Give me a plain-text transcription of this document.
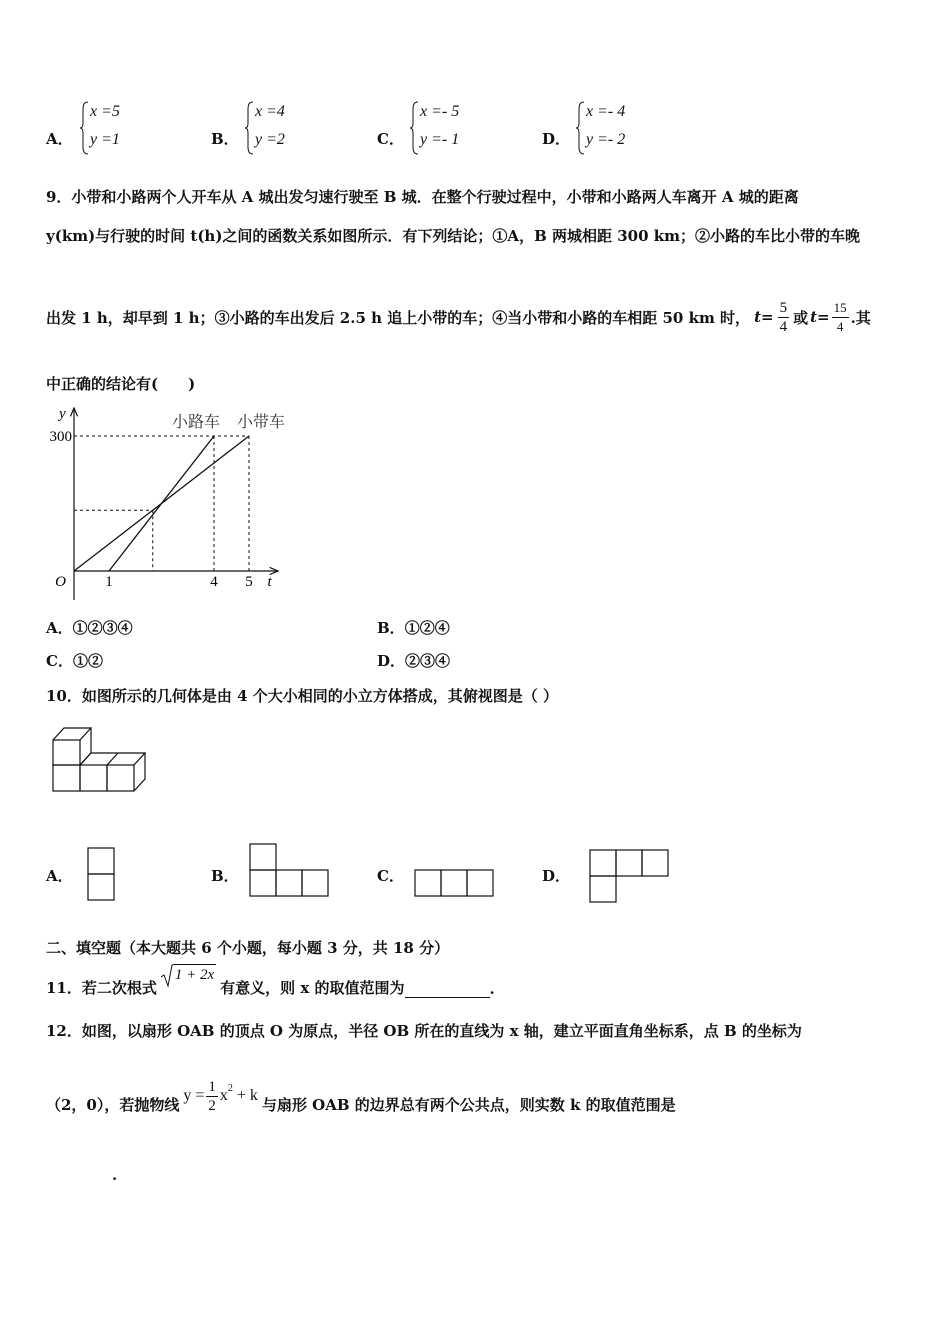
A．
x =5
y =1	B．
x =4
y =2	C．
x =- 5
y =- 1	D．
x =- 4
y =- 2
9．小带和小路两个人开车从 A 城出发匀速行驶至 B 城．在整个行驶过程中，小带和小路两人车离开 A 城的距离
y(km)与行驶的时间 t(h)之间的函数关系如图所示．有下列结论；①A，B 两城相距 300 km；②小路的车比小带的车晚
出发 1 h，却早到 1 h；③小路的车出发后 2.5 h 追上小带的车；④当小带和小路的车相距 50 km 时， $t= \frac{5}{4}$ 或 $t= \frac{15}{4}$ .其
中正确的结论有(　　)
小路车 小带车
1	4 5
300
O	t
y
A．①②③④	B．①②④
C．①②	D．②③④
10．如图所示的几何体是由 4 个大小相同的小立方体搭成，其俯视图是（ ）
A．	B．	C．	D．
二、填空题（本大题共 6 个小题，每小题 3 分，共 18 分）
11．若二次根式
1 + 2x
有意义，则 x 的取值范围为	.
12．如图，以扇形 OAB 的顶点 O 为原点，半径 OB 所在的直线为 x 轴，建立平面直角坐标系，点 B 的坐标为
（2，0），若抛物线 $y = \frac{1}{2} x^2 + k$ 与扇形 OAB 的边界总有两个公共点，则实数 k 的取值范围是
.
